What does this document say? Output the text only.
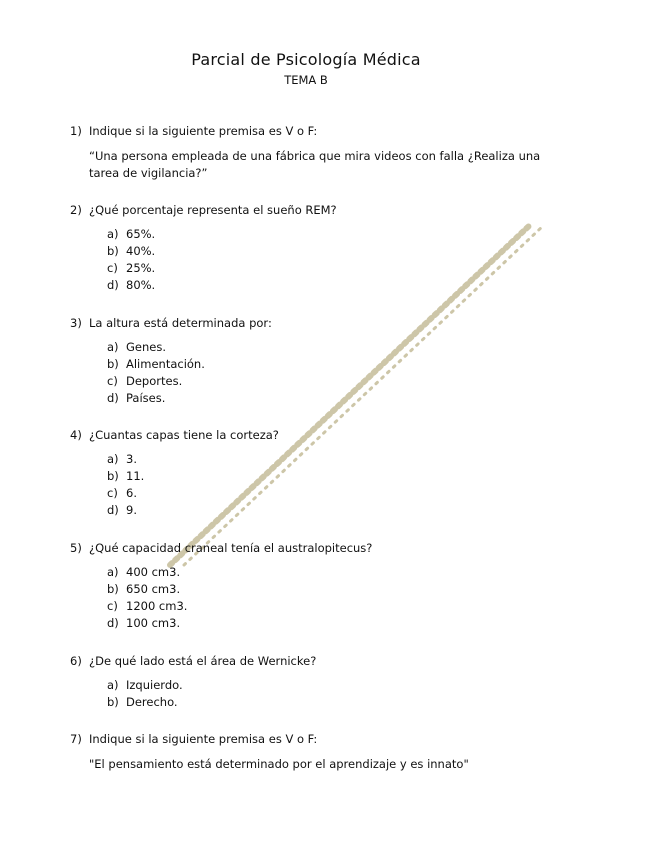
Parcial de Psicología Médica
TEMA B
1) Indique si la siguiente premisa es V o F:
“Una persona empleada de una fábrica que mira videos con falla ¿Realiza una tarea de vigilancia?”
2) ¿Qué porcentaje representa el sueño REM?
a) 65%.
b) 40%.
c) 25%.
d) 80%.
3) La altura está determinada por:
a) Genes.
b) Alimentación.
c) Deportes.
d) Países.
4) ¿Cuantas capas tiene la corteza?
a) 3.
b) 11.
c) 6.
d) 9.
5) ¿Qué capacidad craneal tenía el australopitecus?
a) 400 cm3.
b) 650 cm3.
c) 1200 cm3.
d) 100 cm3.
6) ¿De qué lado está el área de Wernicke?
a) Izquierdo.
b) Derecho.
7) Indique si la siguiente premisa es V o F:
"El pensamiento está determinado por el aprendizaje y es innato"
